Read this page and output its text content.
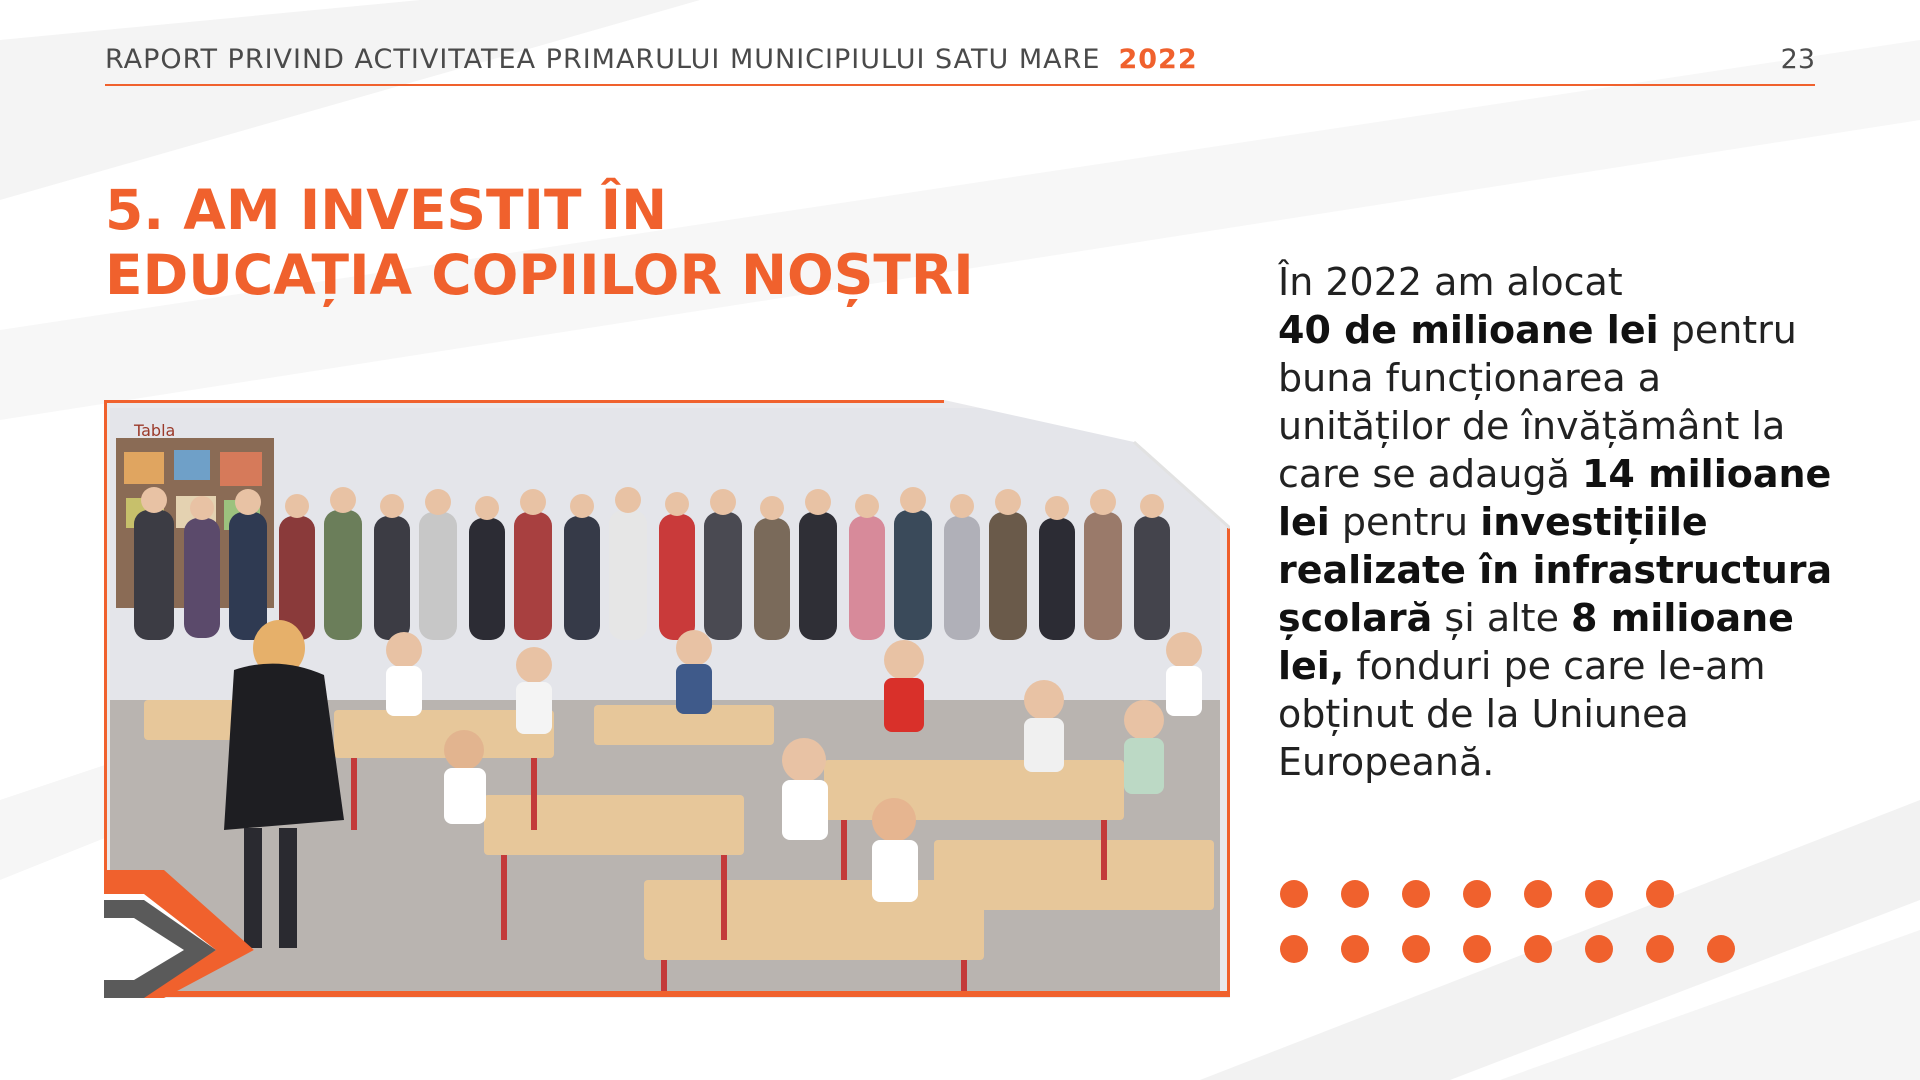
RAPORT PRIVIND ACTIVITATEA PRIMARULUI MUNICIPIULUI SATU MARE 2022	23
5. AM INVESTIT ÎN
EDUCAȚIA COPIILOR NOȘTRI
Tabla

În 2022 am alocat
40 de milioane lei pentru buna funcționarea a unităților de învățământ la care se adaugă 14 milioane lei pentru investițiile realizate în infrastructura școlară și alte 8 milioane lei, fonduri pe care le-am obținut de la Uniunea Europeană.
